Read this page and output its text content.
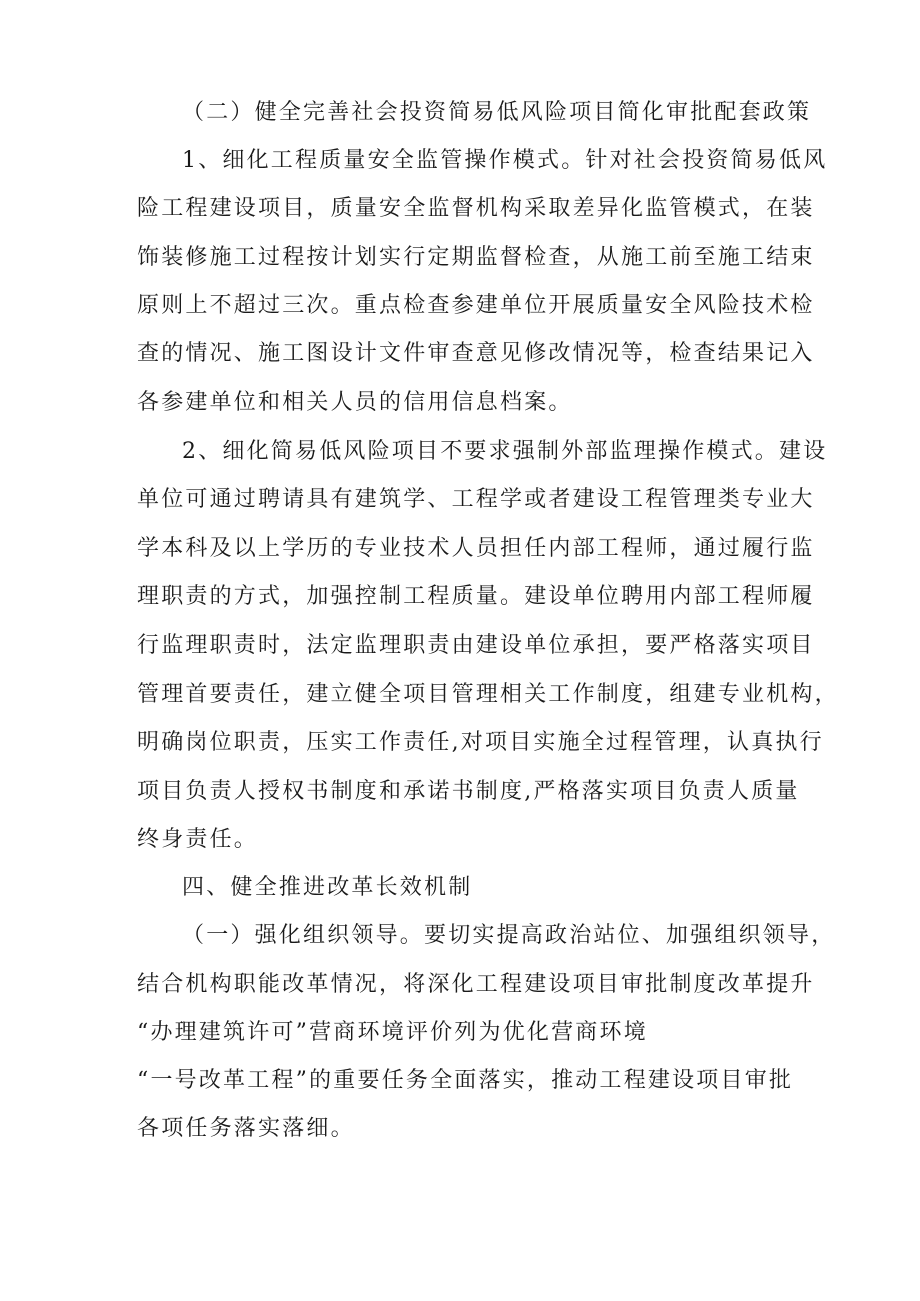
（二）健全完善社会投资简易低风险项目简化审批配套政策
1、细化工程质量安全监管操作模式。针对社会投资简易低风
险工程建设项目，质量安全监督机构采取差异化监管模式，在装
饰装修施工过程按计划实行定期监督检查，从施工前至施工结束
原则上不超过三次。重点检查参建单位开展质量安全风险技术检
查的情况、施工图设计文件审查意见修改情况等，检查结果记入
各参建单位和相关人员的信用信息档案。
2、细化简易低风险项目不要求强制外部监理操作模式。建设
单位可通过聘请具有建筑学、工程学或者建设工程管理类专业大
学本科及以上学历的专业技术人员担任内部工程师，通过履行监
理职责的方式，加强控制工程质量。建设单位聘用内部工程师履
行监理职责时，法定监理职责由建设单位承担，要严格落实项目
管理首要责任，建立健全项目管理相关工作制度，组建专业机构，
明确岗位职责，压实工作责任,对项目实施全过程管理，认真执行
项目负责人授权书制度和承诺书制度,严格落实项目负责人质量
终身责任。
四、健全推进改革长效机制
（一）强化组织领导。要切实提高政治站位、加强组织领导，
结合机构职能改革情况，将深化工程建设项目审批制度改革提升
“办理建筑许可”营商环境评价列为优化营商环境
“一号改革工程”的重要任务全面落实，推动工程建设项目审批
各项任务落实落细。
